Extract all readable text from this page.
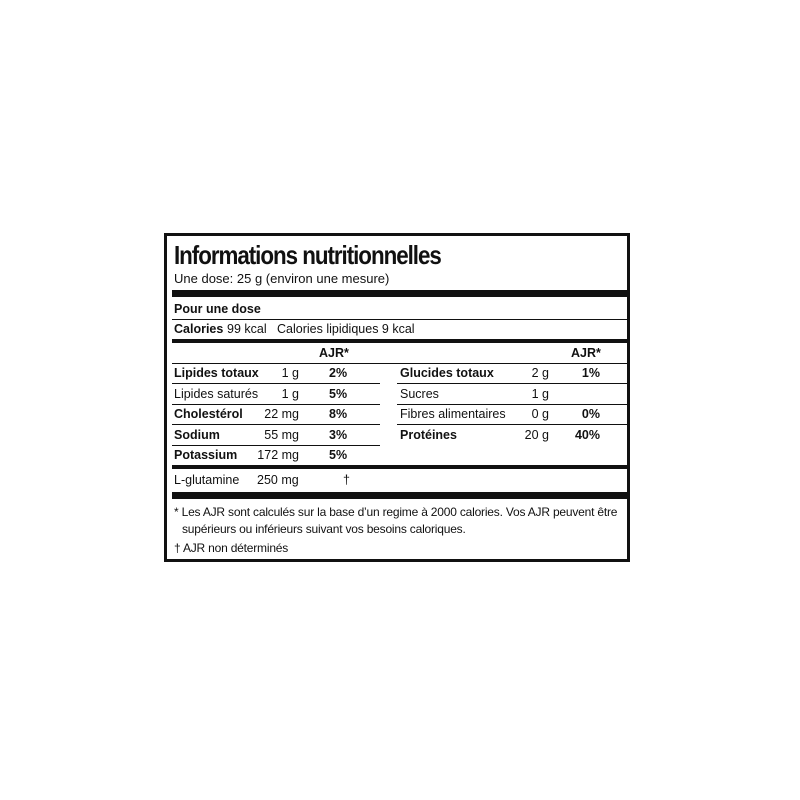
Informations nutritionnelles
Une dose: 25 g (environ une mesure)
Pour une dose
Calories 99 kcal Calories lipidiques 9 kcal
AJR*	AJR*
Lipides totaux	1 g 2%
Lipides saturés	1 g 5%
Cholestérol	22 mg 8%
Sodium	55 mg 3%
Potassium	172 mg 5%
Glucides totaux	2 g	1%
Sucres	1 g
Fibres alimentaires	0 g	0%
Protéines	20 g	40%
L-glutamine 250 mg	†
* Les AJR sont calculés sur la base d’un regime à 2000 calories. Vos AJR peuvent être
supérieurs ou inférieurs suivant vos besoins caloriques.
† AJR non déterminés
